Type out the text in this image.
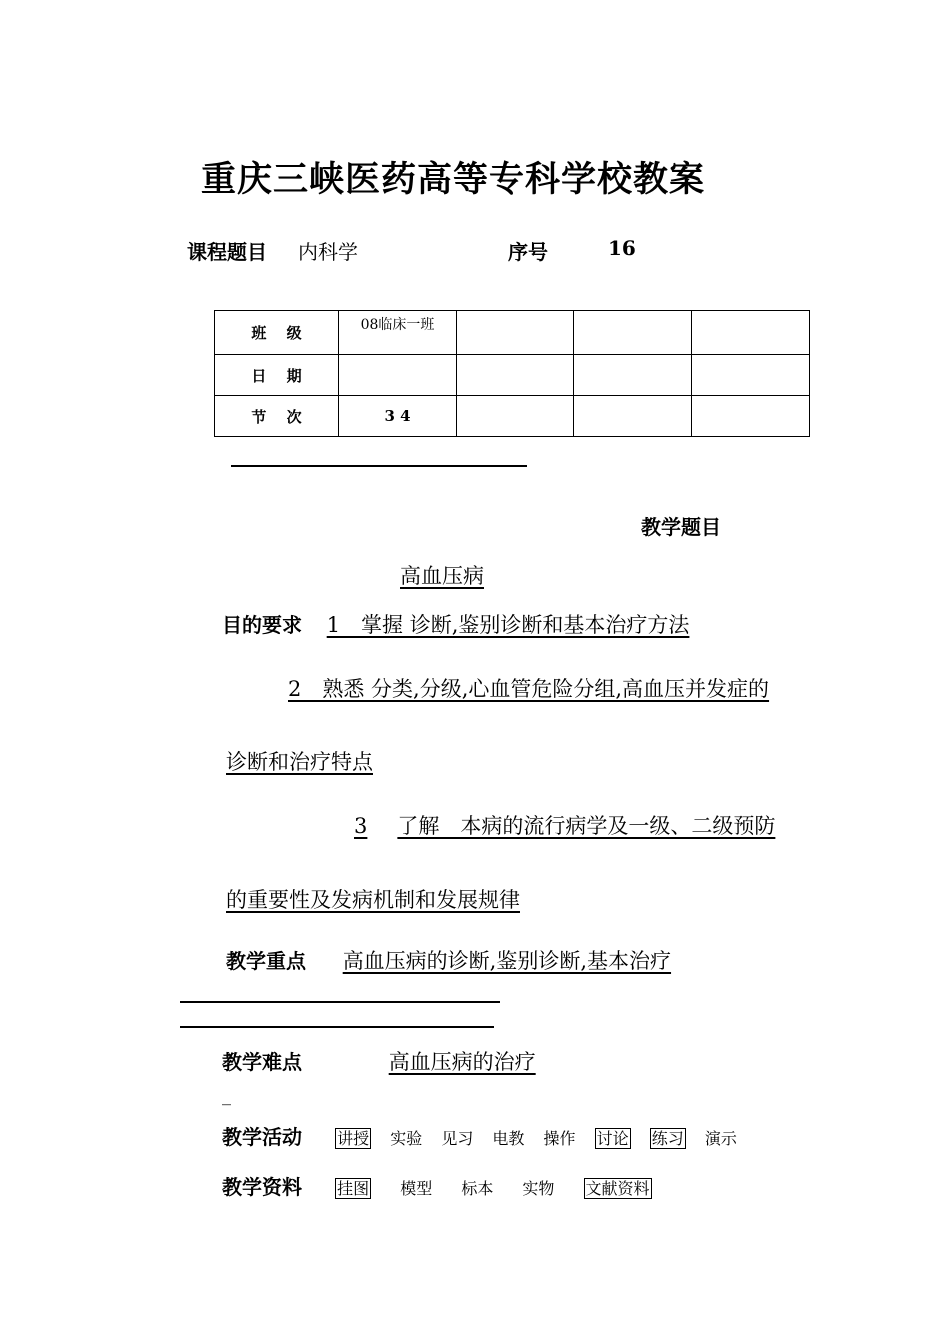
重庆三峡医药高等专科学校教案
课程题目 内科学	序号	16
班　 级	08临床一班			
日　 期				
节　 次	3 4			
教学题目
高血压病
目的要求 1　掌握 诊断,鉴别诊断和基本治疗方法
2　熟悉 分类,分级,心血管危险分组,高血压并发症的
诊断和治疗特点
3 了解　本病的流行病学及一级、二级预防
的重要性及发病机制和发展规律
教学重点 高血压病的诊断,鉴别诊断,基本治疗
教学难点	高血压病的治疗
_
教学活动 讲授 实验 见习 电教 操作 讨论 练习 演示
教学资料 挂图 模型 标本 实物 文献资料
